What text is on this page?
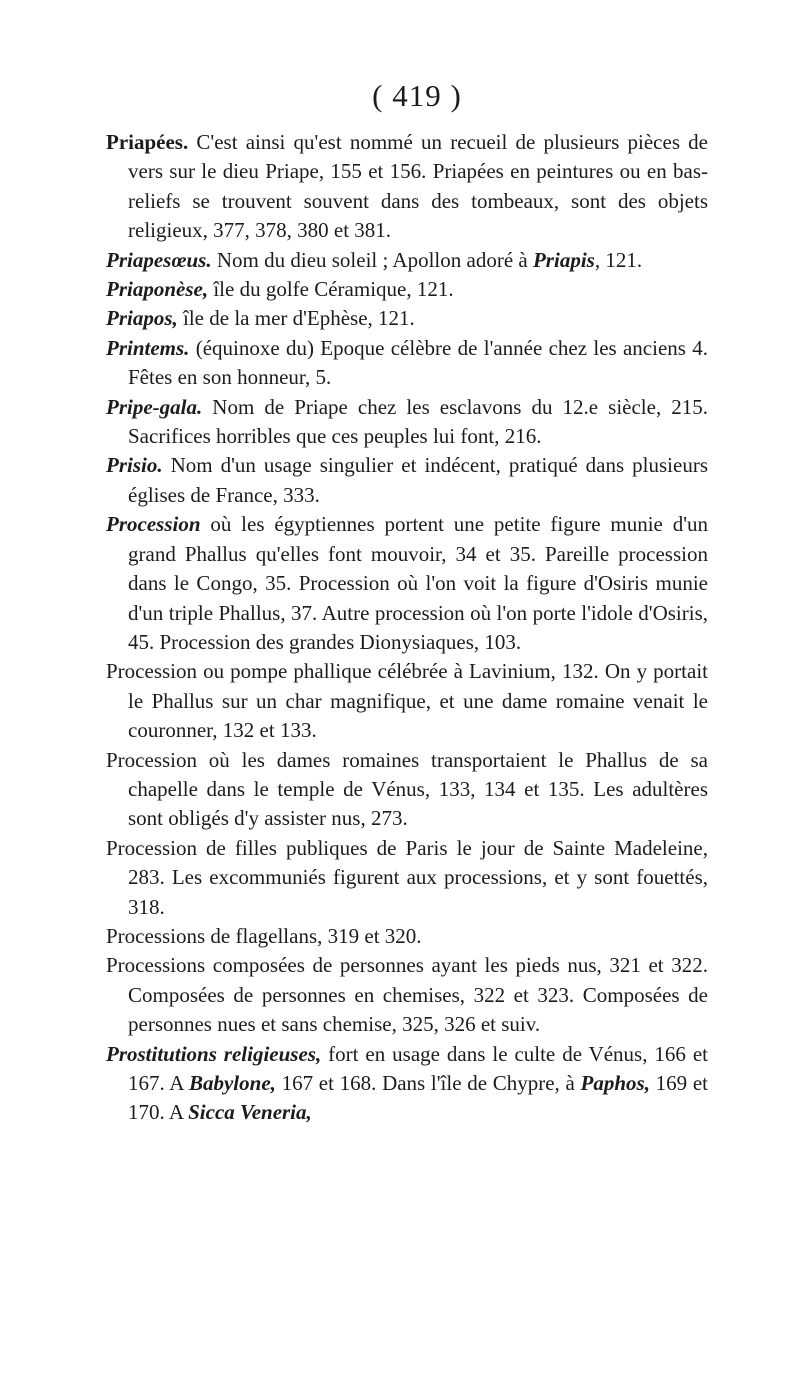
( 419 )

Priapées. C'est ainsi qu'est nommé un recueil de plusieurs pièces de vers sur le dieu Priape, 155 et 156. Priapées en peintures ou en bas-reliefs se trouvent souvent dans des tombeaux, sont des objets religieux, 377, 378, 380 et 381.

Priapesœus. Nom du dieu soleil ; Apollon adoré à Priapis, 121.

Priaponèse, île du golfe Céramique, 121.

Priapos, île de la mer d'Ephèse, 121.

Printems. (équinoxe du) Epoque célèbre de l'année chez les anciens 4. Fêtes en son honneur, 5.

Pripe-gala. Nom de Priape chez les esclavons du 12.e siècle, 215. Sacrifices horribles que ces peuples lui font, 216.

Prisio. Nom d'un usage singulier et indécent, pratiqué dans plusieurs églises de France, 333.

Procession où les égyptiennes portent une petite figure munie d'un grand Phallus qu'elles font mouvoir, 34 et 35. Pareille procession dans le Congo, 35. Procession où l'on voit la figure d'Osiris munie d'un triple Phallus, 37. Autre procession où l'on porte l'idole d'Osiris, 45. Procession des grandes Dionysiaques, 103.

Procession ou pompe phallique célébrée à Lavinium, 132. On y portait le Phallus sur un char magnifique, et une dame romaine venait le couronner, 132 et 133.

Procession où les dames romaines transportaient le Phallus de sa chapelle dans le temple de Vénus, 133, 134 et 135. Les adultères sont obligés d'y assister nus, 273.

Procession de filles publiques de Paris le jour de Sainte Madeleine, 283. Les excommuniés figurent aux processions, et y sont fouettés, 318.

Processions de flagellans, 319 et 320.

Processions composées de personnes ayant les pieds nus, 321 et 322. Composées de personnes en chemises, 322 et 323. Composées de personnes nues et sans chemise, 325, 326 et suiv.

Prostitutions religieuses, fort en usage dans le culte de Vénus, 166 et 167. A Babylone, 167 et 168. Dans l'île de Chypre, à Paphos, 169 et 170. A Sicca Veneria,
